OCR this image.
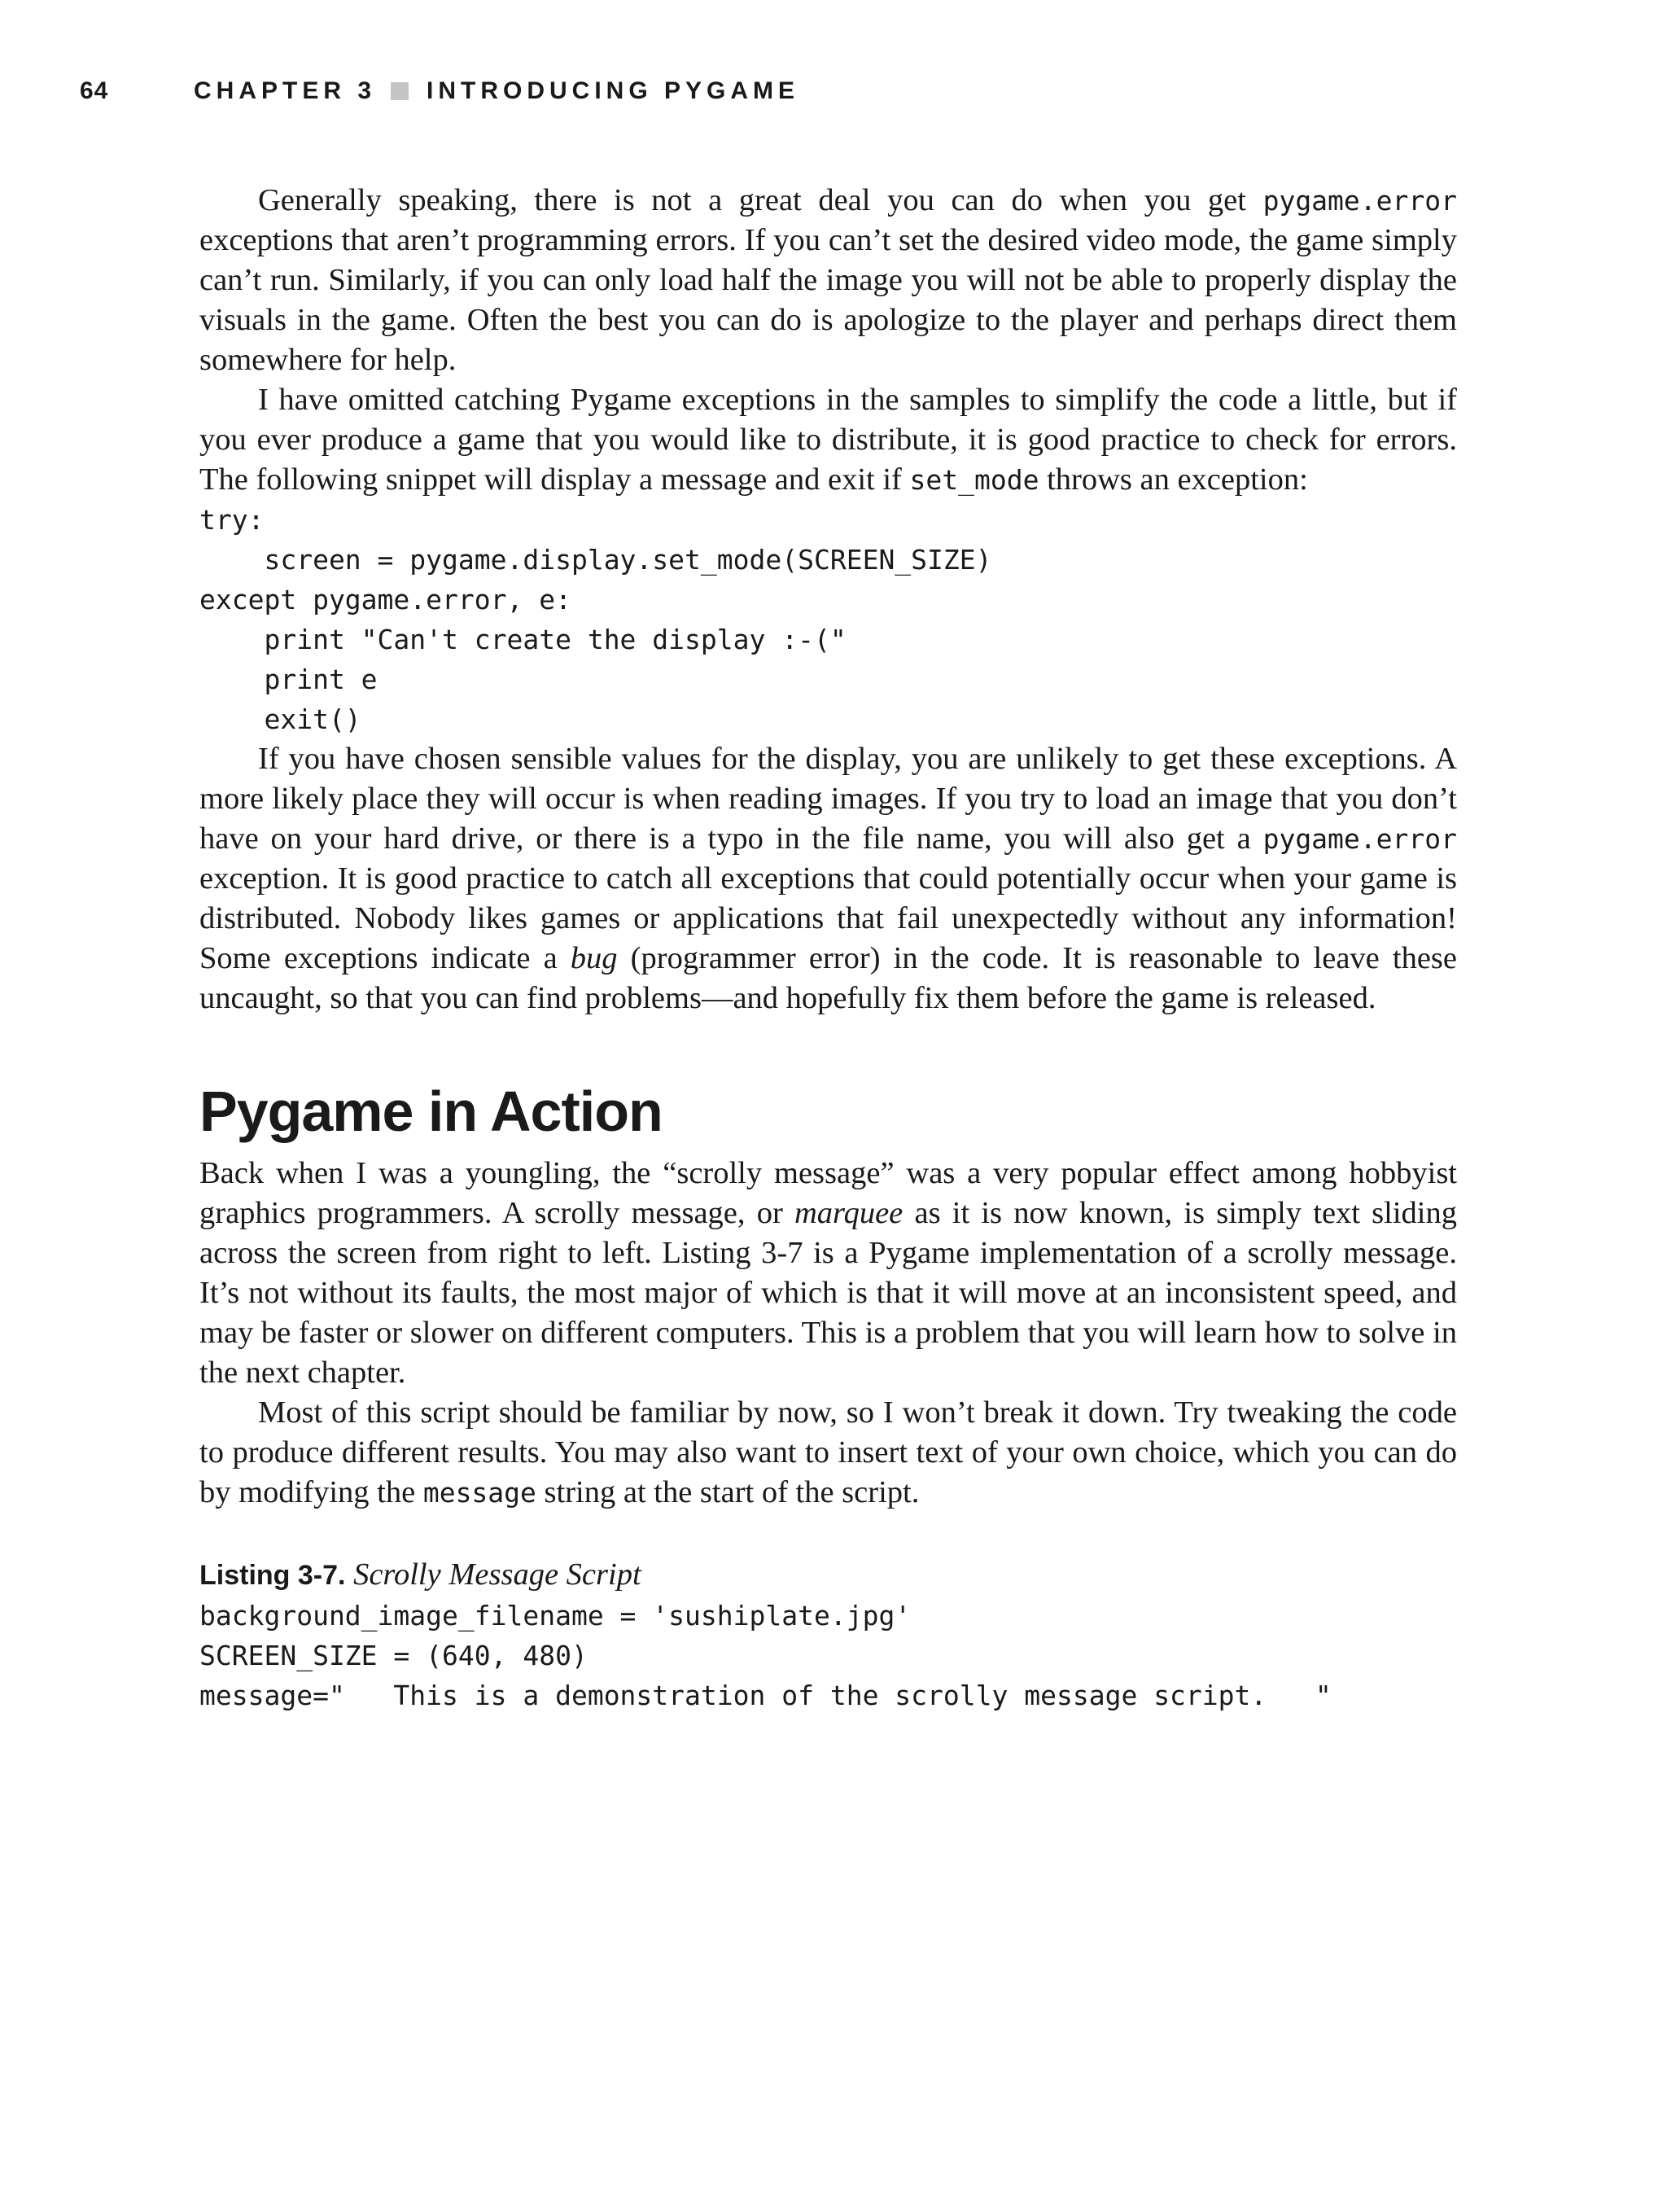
64	CHAPTER 3 INTRODUCING PYGAME

Generally speaking, there is not a great deal you can do when you get pygame.error exceptions that aren’t programming errors. If you can’t set the desired video mode, the game simply can’t run. Similarly, if you can only load half the image you will not be able to properly display the visuals in the game. Often the best you can do is apologize to the player and perhaps direct them somewhere for help.

I have omitted catching Pygame exceptions in the samples to simplify the code a little, but if you ever produce a game that you would like to distribute, it is good practice to check for errors. The following snippet will display a message and exit if set_mode throws an exception:

try:
screen = pygame.display.set_mode(SCREEN_SIZE)
except pygame.error, e:
print "Can't create the display :-("
print e
exit()

If you have chosen sensible values for the display, you are unlikely to get these exceptions. A more likely place they will occur is when reading images. If you try to load an image that you don’t have on your hard drive, or there is a typo in the file name, you will also get a pygame.error exception. It is good practice to catch all exceptions that could potentially occur when your game is distributed. Nobody likes games or applications that fail unexpectedly without any information! Some exceptions indicate a bug (programmer error) in the code. It is reasonable to leave these uncaught, so that you can find problems—and hopefully fix them before the game is released.

Pygame in Action

Back when I was a youngling, the “scrolly message” was a very popular effect among hobbyist graphics programmers. A scrolly message, or marquee as it is now known, is simply text sliding across the screen from right to left. Listing 3-7 is a Pygame implementation of a scrolly message. It’s not without its faults, the most major of which is that it will move at an inconsistent speed, and may be faster or slower on different computers. This is a problem that you will learn how to solve in the next chapter.

Most of this script should be familiar by now, so I won’t break it down. Try tweaking the code to produce different results. You may also want to insert text of your own choice, which you can do by modifying the message string at the start of the script.

Listing 3-7. Scrolly Message Script
background_image_filename = 'sushiplate.jpg'
SCREEN_SIZE = (640, 480)
message="   This is a demonstration of the scrolly message script.   "
